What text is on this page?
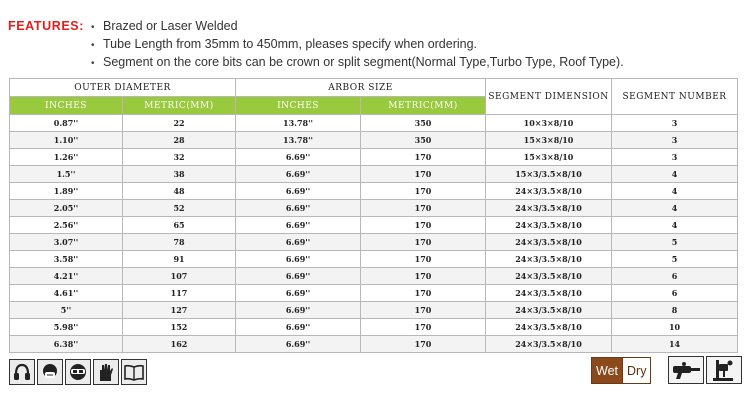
FEATURES:	• Brazed or Laser Welded
• Tube Length from 35mm to 450mm, pleases specify when ordering.
• Segment on the core bits can be crown or split segment(Normal Type,Turbo Type, Roof Type).
OUTER DIAMETER		ARBOR SIZE		SEGMENT DIMENSION	SEGMENT NUMBER
INCHES	METRIC(MM)	INCHES	METRIC(MM)		
0.87''	22	13.78''	350	10×3×8/10	3
1.10''	28	13.78''	350	15×3×8/10	3
1.26''	32	6.69''	170	15×3×8/10	3
1.5''	38	6.69''	170	15×3/3.5×8/10	4
1.89''	48	6.69''	170	24×3/3.5×8/10	4
2.05''	52	6.69''	170	24×3/3.5×8/10	4
2.56''	65	6.69''	170	24×3/3.5×8/10	4
3.07''	78	6.69''	170	24×3/3.5×8/10	5
3.58''	91	6.69''	170	24×3/3.5×8/10	5
4.21''	107	6.69''	170	24×3/3.5×8/10	6
4.61''	117	6.69''	170	24×3/3.5×8/10	6
5''	127	6.69''	170	24×3/3.5×8/10	8
5.98''	152	6.69''	170	24×3/3.5×8/10	10
6.38''	162	6.69''	170	24×3/3.5×8/10	14
Wet Dry
